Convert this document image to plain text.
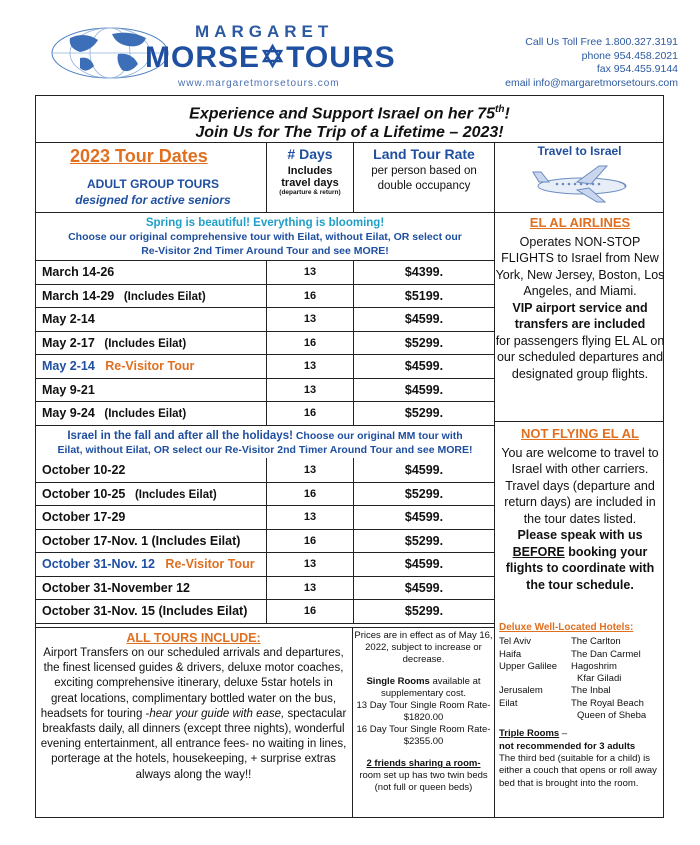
MARGARET
MORSE✡TOURS
www.margaretmorsetours.com
Call Us Toll Free 1.800.327.3191
phone 954.458.2021
fax 954.455.9144
email info@margaretmorsetours.com
Experience and Support Israel on her 75th!
Join Us for The Trip of a Lifetime – 2023!
2023 Tour Dates
ADULT GROUP TOURS
designed for active seniors
# Days
Includes
travel days
(departure & return)
Land Tour Rate
per person based on double occupancy
Travel to Israel
Spring is beautiful! Everything is blooming!
Choose our original comprehensive tour with Eilat, without Eilat, OR select our
Re-Visitor 2nd Timer Around Tour and see MORE!
March 14-26	13	$4399.
March 14-29   (Includes Eilat)	16	$5199.
May 2-14	13	$4599.
May 2-17   (Includes Eilat)	16	$5299.
May 2-14   Re-Visitor Tour	13	$4599.
May 9-21	13	$4599.
May 9-24   (Includes Eilat)	16	$5299.
October 10-22	13	$4599.
October 10-25   (Includes Eilat)	16	$5299.
October 17-29	13	$4599.
October 17-Nov. 1 (Includes Eilat)	16	$5299.
October 31-Nov. 12   Re-Visitor Tour	13	$4599.
October 31-November 12	13	$4599.
October 31-Nov. 15 (Includes Eilat)	16	$5299.
Israel in the fall and after all the holidays! Choose our original MM tour with
Eilat, without Eilat, OR select our Re-Visitor 2nd Timer Around Tour and see MORE!
EL AL AIRLINES
Operates NON-STOP FLIGHTS to Israel from New York, New Jersey, Boston, Los Angeles, and Miami.
VIP airport service and transfers are included
for passengers flying EL AL on our scheduled departures and designated group flights.
NOT FLYING EL AL
You are welcome to travel to Israel with other carriers. Travel days (departure and return days) are included in the tour dates listed.
Please speak with us BEFORE booking your flights to coordinate with the tour schedule.
ALL TOURS INCLUDE:
Airport Transfers on our scheduled arrivals and departures, the finest licensed guides & drivers, deluxe motor coaches, exciting comprehensive itinerary, deluxe 5star hotels in great locations, complimentary bottled water on the bus, headsets for touring -hear your guide with ease, spectacular breakfasts daily, all dinners (except three nights), wonderful evening entertainment, all entrance fees- no waiting in lines, porterage at the hotels, housekeeping, + surprise extras always along the way!!
Prices are in effect as of May 16, 2022, subject to increase or decrease.
Single Rooms available at supplementary cost.
13 Day Tour Single Room Rate- $1820.00
16 Day Tour Single Room Rate- $2355.00
2 friends sharing a room-
room set up has two twin beds (not full or queen beds)
Deluxe Well-Located Hotels:
Tel Aviv	The Carlton
Haifa	The Dan Carmel
Upper Galilee	Hagoshrim
	Kfar Giladi
Jerusalem	The Inbal
Eilat	The Royal Beach
	Queen of Sheba
Triple Rooms –
not recommended for 3 adults
The third bed (suitable for a child) is either a couch that opens or roll away bed that is brought into the room.
